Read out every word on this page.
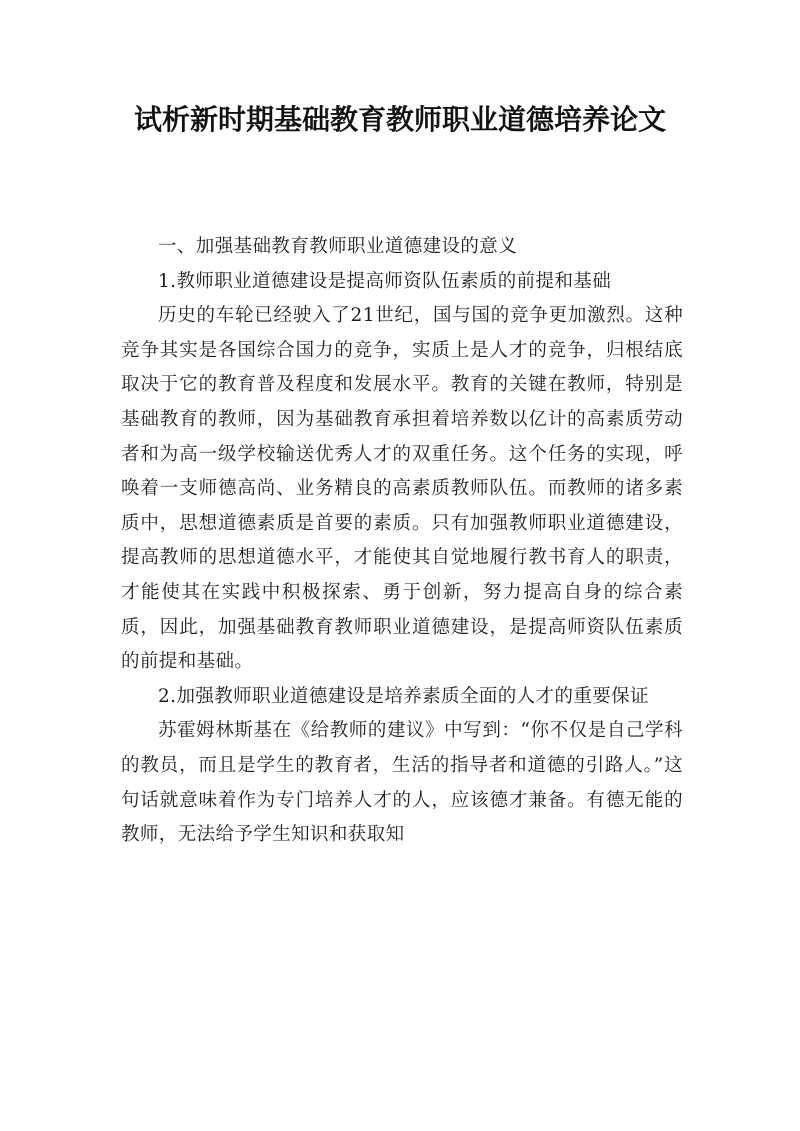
试析新时期基础教育教师职业道德培养论文

一、加强基础教育教师职业道德建设的意义

1.教师职业道德建设是提高师资队伍素质的前提和基础

历史的车轮已经驶入了21世纪，国与国的竞争更加激烈。这种竞争其实是各国综合国力的竞争，实质上是人才的竞争，归根结底取决于它的教育普及程度和发展水平。教育的关键在教师，特别是基础教育的教师，因为基础教育承担着培养数以亿计的高素质劳动者和为高一级学校输送优秀人才的双重任务。这个任务的实现，呼唤着一支师德高尚、业务精良的高素质教师队伍。而教师的诸多素质中，思想道德素质是首要的素质。只有加强教师职业道德建设，提高教师的思想道德水平，才能使其自觉地履行教书育人的职责，才能使其在实践中积极探索、勇于创新，努力提高自身的综合素质，因此，加强基础教育教师职业道德建设，是提高师资队伍素质的前提和基础。

2.加强教师职业道德建设是培养素质全面的人才的重要保证

苏霍姆林斯基在《给教师的建议》中写到：“你不仅是自己学科的教员，而且是学生的教育者，生活的指导者和道德的引路人。”这句话就意味着作为专门培养人才的人，应该德才兼备。有德无能的教师，无法给予学生知识和获取知
